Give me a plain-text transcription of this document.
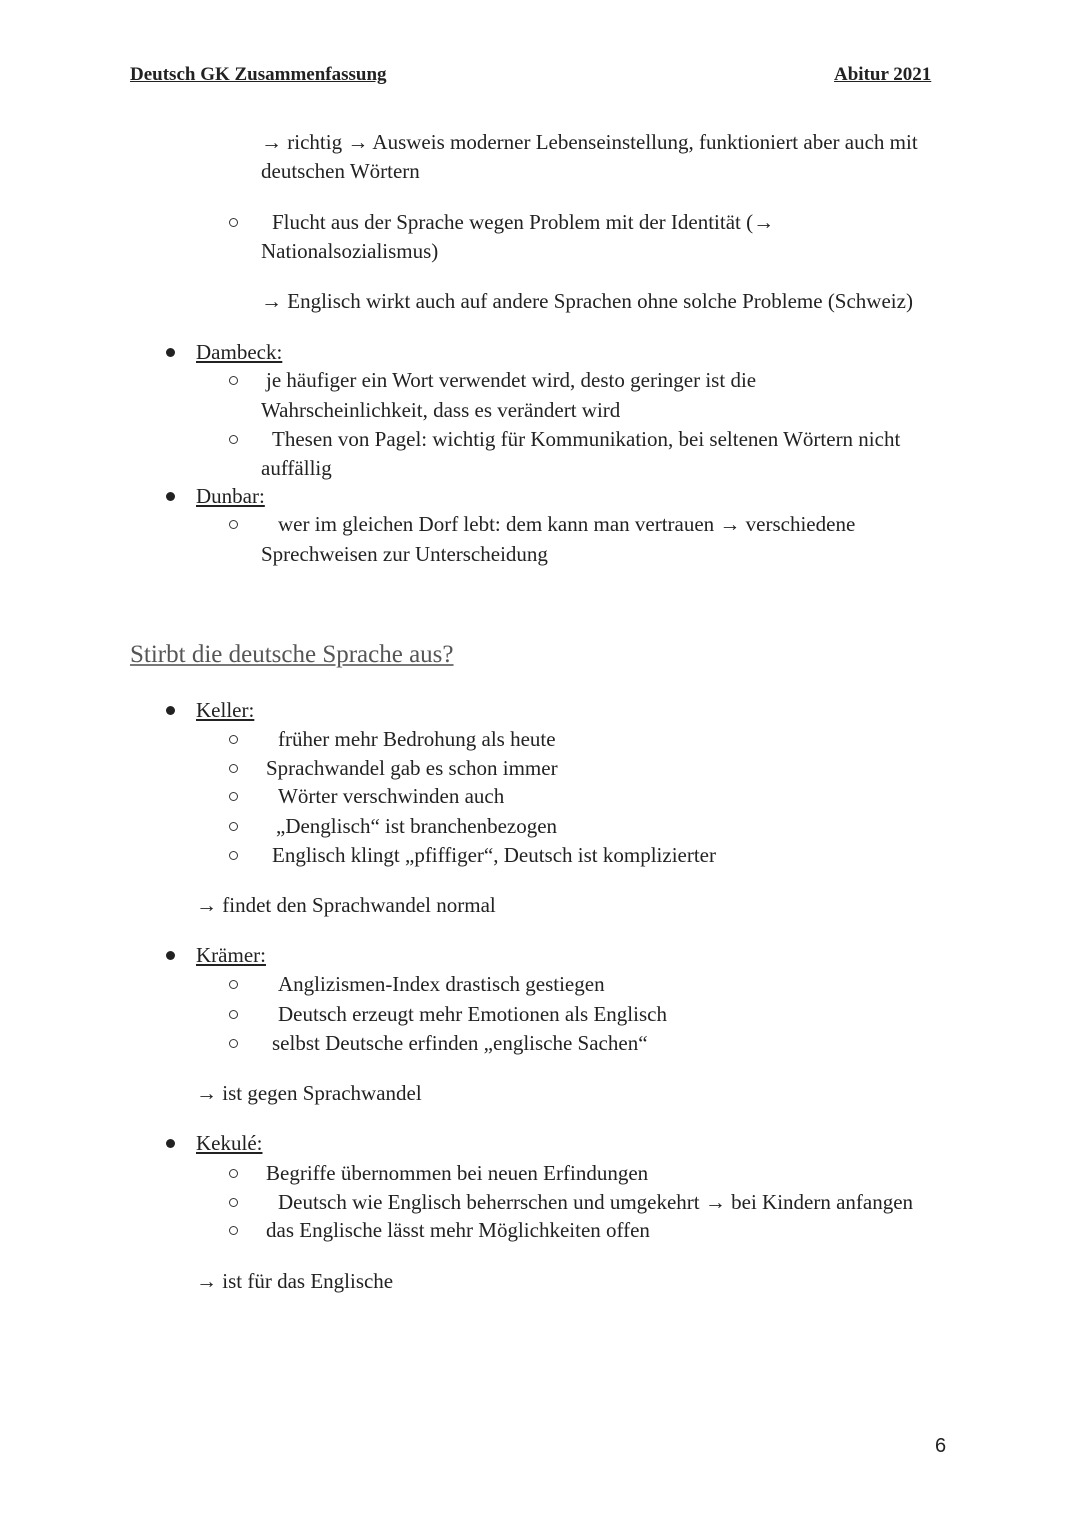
Deutsch GK Zusammenfassung	Abitur 2021
→ richtig → Ausweis moderner Lebenseinstellung, funktioniert aber auch mit
deutschen Wörtern
Flucht aus der Sprache wegen Problem mit der Identität (→
Nationalsozialismus)
→ Englisch wirkt auch auf andere Sprachen ohne solche Probleme (Schweiz)
Dambeck:
je häufiger ein Wort verwendet wird, desto geringer ist die
Wahrscheinlichkeit, dass es verändert wird
Thesen von Pagel: wichtig für Kommunikation, bei seltenen Wörtern nicht
auffällig
Dunbar:
wer im gleichen Dorf lebt: dem kann man vertrauen → verschiedene
Sprechweisen zur Unterscheidung
Stirbt die deutsche Sprache aus?
Keller:
früher mehr Bedrohung als heute
Sprachwandel gab es schon immer
Wörter verschwinden auch
„Denglisch“ ist branchenbezogen
Englisch klingt „pfiffiger“, Deutsch ist komplizierter
→ findet den Sprachwandel normal
Krämer:
Anglizismen-Index drastisch gestiegen
Deutsch erzeugt mehr Emotionen als Englisch
selbst Deutsche erfinden „englische Sachen“
→ ist gegen Sprachwandel
Kekulé:
Begriffe übernommen bei neuen Erfindungen
Deutsch wie Englisch beherrschen und umgekehrt → bei Kindern anfangen
das Englische lässt mehr Möglichkeiten offen
→ ist für das Englische
6
